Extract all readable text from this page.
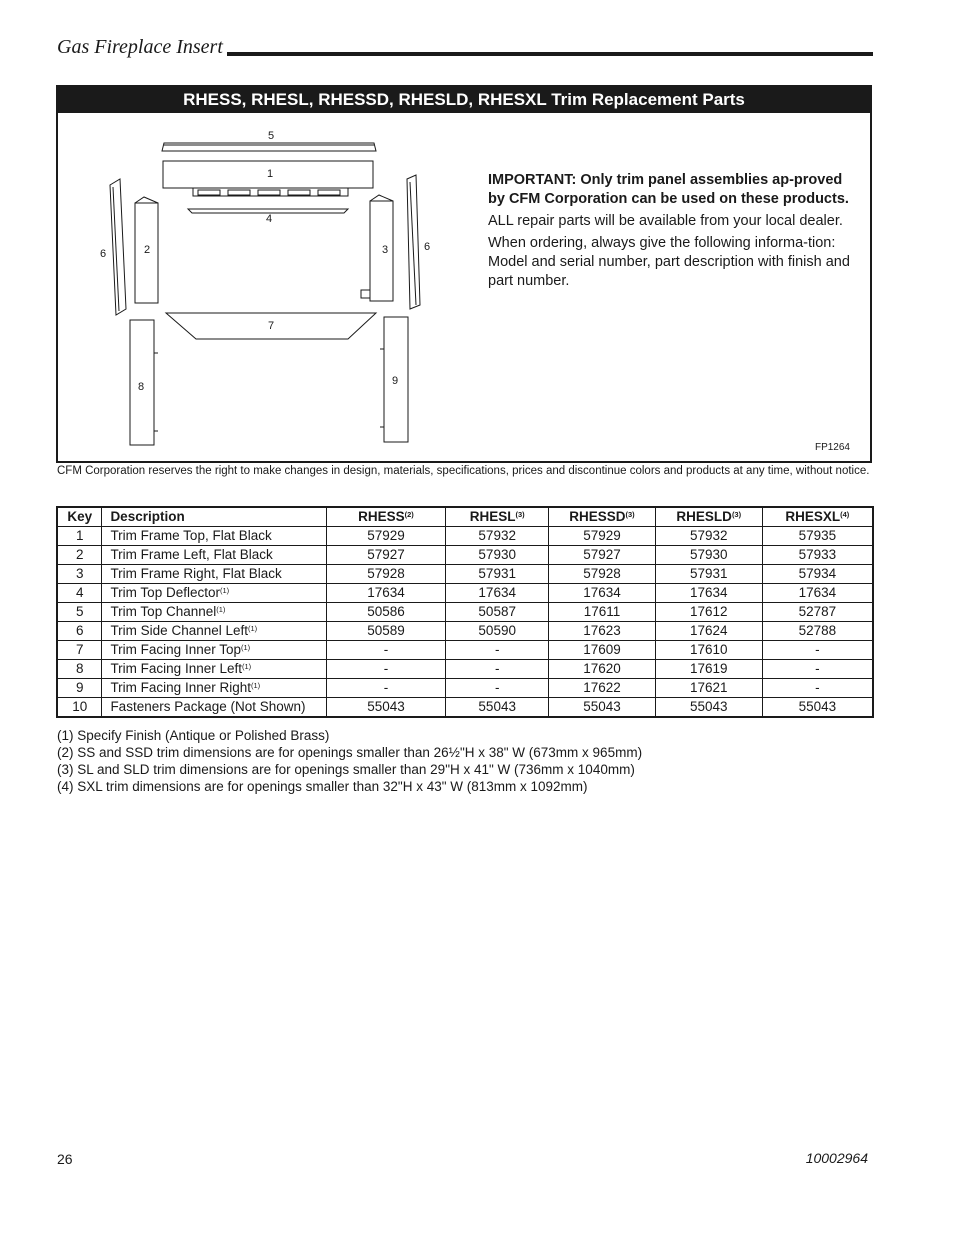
Gas Fireplace Insert
RHESS, RHESL, RHESSD, RHESLD, RHESXL Trim Replacement Parts
5
1
4
6	2	3	6
7
8	9

IMPORTANT: Only trim panel assemblies ap-proved by CFM Corporation can be used on these products.

ALL repair parts will be available from your local dealer.

When ordering, always give the following informa-tion: Model and serial number, part description with finish and part number.

FP1264
CFM Corporation reserves the right to make changes in design, materials, specifications, prices and discontinue colors and products at any time, without notice.
Key	Description	RHESS$^{(2)}$	RHESL$^{(3)}$	RHESSD$^{(3)}$	RHESLD$^{(3)}$	RHESXL$^{(4)}$
1	Trim Frame Top, Flat Black	57929	57932	57929	57932	57935
2	Trim Frame Left, Flat Black	57927	57930	57927	57930	57933
3	Trim Frame Right, Flat Black	57928	57931	57928	57931	57934
4	Trim Top Deflector$^{(1)}$	17634	17634	17634	17634	17634
5	Trim Top Channel$^{(1)}$	50586	50587	17611	17612	52787
6	Trim Side Channel Left$^{(1)}$	50589	50590	17623	17624	52788
7	Trim Facing Inner Top$^{(1)}$	-	-	17609	17610	-
8	Trim Facing Inner Left$^{(1)}$	-	-	17620	17619	-
9	Trim Facing Inner Right$^{(1)}$	-	-	17622	17621	-
10	Fasteners Package (Not Shown)	55043	55043	55043	55043	55043
(1) Specify Finish (Antique or Polished Brass)
(2) SS and SSD trim dimensions are for openings smaller than 26½"H x 38" W (673mm x 965mm)
(3) SL and SLD trim dimensions are for openings smaller than 29"H x 41" W (736mm x 1040mm)
(4) SXL trim dimensions are for openings smaller than 32"H x 43" W (813mm x 1092mm)
26	10002964
